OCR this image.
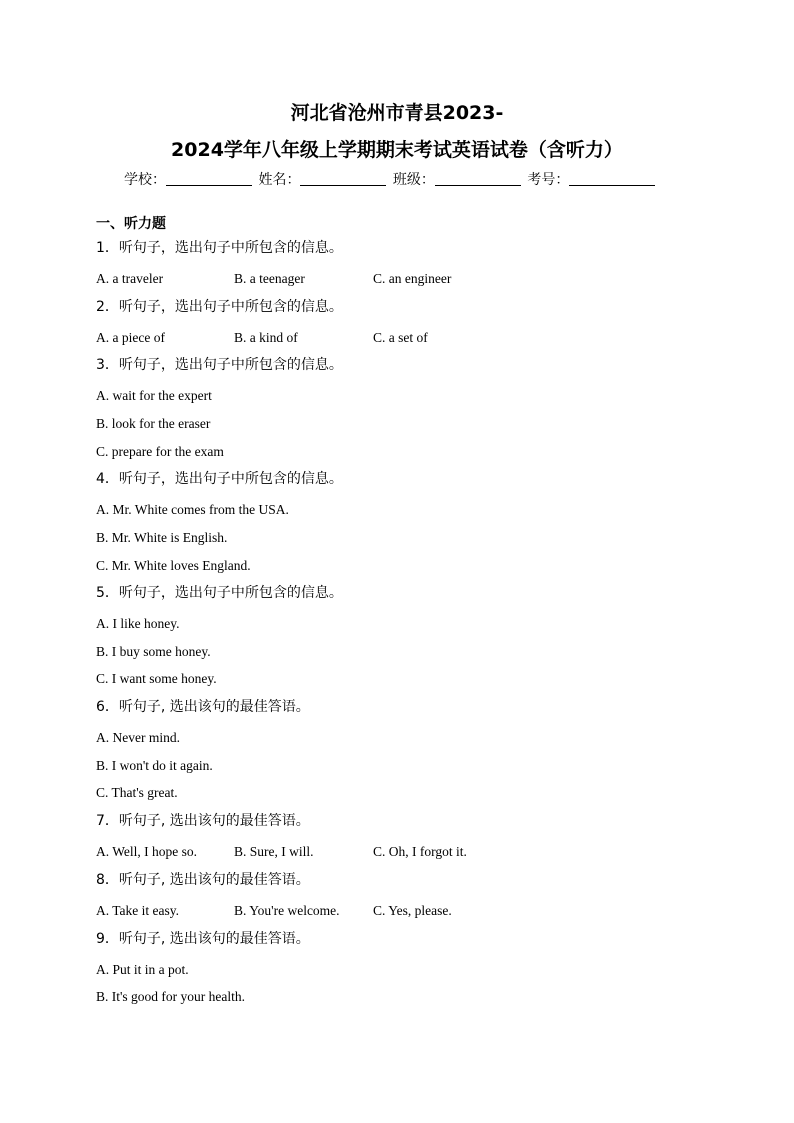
河北省沧州市青县2023-
2024学年八年级上学期期末考试英语试卷（含听力）
学校：	姓名：	班级：	考号：
一、听力题
1．听句子，选出句子中所包含的信息。
A. a traveler	B. a teenager	C. an engineer
2．听句子，选出句子中所包含的信息。
A. a piece of	B. a kind of	C. a set of
3．听句子，选出句子中所包含的信息。
A. wait for the expert
B. look for the eraser
C. prepare for the exam
4．听句子，选出句子中所包含的信息。
A. Mr. White comes from the USA.
B. Mr. White is English.
C. Mr. White loves England.
5．听句子，选出句子中所包含的信息。
A. I like honey.
B. I buy some honey.
C. I want some honey.
6．听句子, 选出该句的最佳答语。
A. Never mind.
B. I won't do it again.
C. That's great.
7．听句子, 选出该句的最佳答语。
A. Well, I hope so.	B. Sure, I will.	C. Oh, I forgot it.
8．听句子, 选出该句的最佳答语。
A. Take it easy.	B. You're welcome. C. Yes, please.
9．听句子, 选出该句的最佳答语。
A. Put it in a pot.
B. It's good for your health.
